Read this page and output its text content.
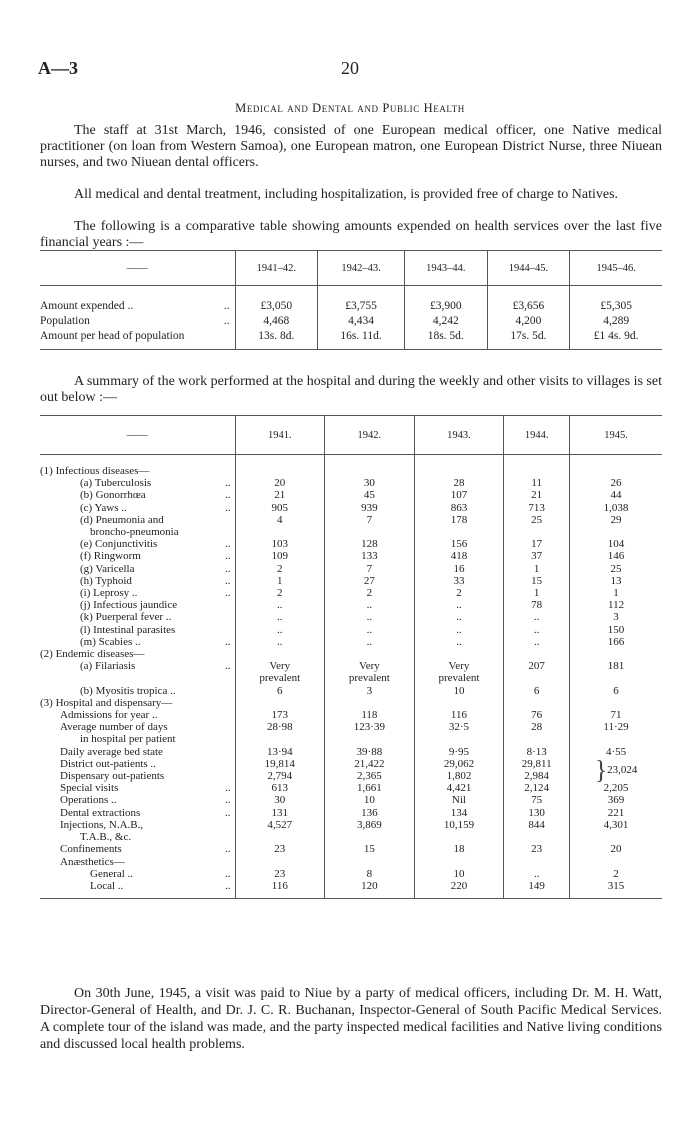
A—3	20
Medical and Dental and Public Health

The staff at 31st March, 1946, consisted of one European medical officer, one Native medical practitioner (on loan from Western Samoa), one European matron, one European District Nurse, three Niuean nurses, and two Niuean dental officers.

All medical and dental treatment, including hospitalization, is provided free of charge to Natives.

The following is a comparative table showing amounts expended on health services over the last five financial years :—

——	1941–42.	1942–43.	1943–44.	1944–45.	1945–46.
Amount expended .. ..	£3,050	£3,755	£3,900	£3,656	£5,305
Population ..	4,468	4,434	4,242	4,200	4,289
Amount per head of population	13s. 8d.	16s. 11d.	18s. 5d.	17s. 5d.	£1 4s. 9d.

A summary of the work performed at the hospital and during the weekly and other visits to villages is set out below :—

——	1941.	1942.	1943.	1944.	1945.
(1) Infectious diseases—					
(a) Tuberculosis ..	20	30	28	11	26
(b) Gonorrhœa ..	21	45	107	21	44
(c) Yaws .. ..	905	939	863	713	1,038
(d) Pneumonia and	4	7	178	25	29
broncho-pneumonia					
(e) Conjunctivitis ..	103	128	156	17	104
(f) Ringworm ..	109	133	418	37	146
(g) Varicella ..	2	7	16	1	25
(h) Typhoid ..	1	27	33	15	13
(i) Leprosy .. ..	2	2	2	1	1
(j) Infectious jaundice	..	..	..	78	112
(k) Puerperal fever ..	..	..	..	..	3
(l) Intestinal parasites	..	..	..	..	150
(m) Scabies .. ..	..	..	..	..	166
(2) Endemic diseases—					
(a) Filariasis ..	Very	Very	Very	207	181
	prevalent	prevalent	prevalent		
(b) Myositis tropica ..	6	3	10	6	6
(3) Hospital and dispensary—					
Admissions for year ..	173	118	116	76	71
Average number of days	28·98	123·39	32·5	28	11·29
in hospital per patient					
Daily average bed state	13·94	39·88	9·95	8·13	4·55
District out-patients ..	19,814	21,422	29,062	29,811	}23,024
Dispensary out-patients	2,794	2,365	1,802	2,984	
Special visits ..	613	1,661	4,421	2,124	2,205
Operations .. ..	30	10	Nil	75	369
Dental extractions ..	131	136	134	130	221
Injections, N.A.B.,	4,527	3,869	10,159	844	4,301
T.A.B., &c.					
Confinements ..	23	15	18	23	20
Anæsthetics—					
General .. ..	23	8	10	..	2
Local .. ..	116	120	220	149	315

On 30th June, 1945, a visit was paid to Niue by a party of medical officers, including Dr. M. H. Watt, Director-General of Health, and Dr. J. C. R. Buchanan, Inspector-General of South Pacific Medical Services. A complete tour of the island was made, and the party inspected medical facilities and Native living conditions and discussed local health problems.
